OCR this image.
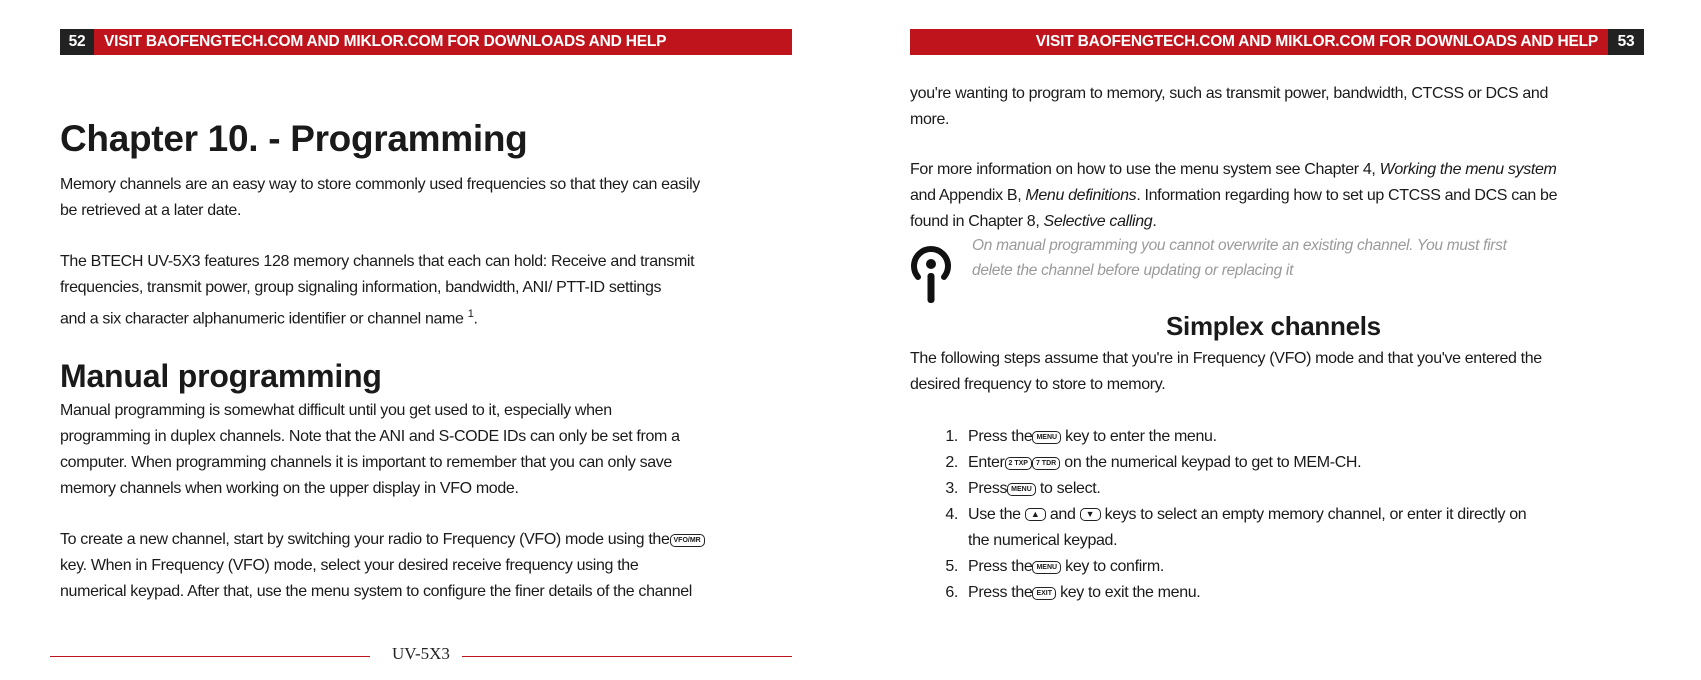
52	VISIT BAOFENGTECH.COM AND MIKLOR.COM FOR DOWNLOADS AND HELP	VISIT BAOFENGTECH.COM AND MIKLOR.COM FOR DOWNLOADS AND HELP	53
Chapter 10. - Programming

Memory channels are an easy way to store commonly used frequencies so that they can easily

be retrieved at a later date.

The BTECH UV-5X3 features 128 memory channels that each can hold: Receive and transmit

frequencies, transmit power, group signaling information, bandwidth, ANI/ PTT-ID settings

and a six character alphanumeric identifier or channel name $^1$.

Manual programming

Manual programming is somewhat difficult until you get used to it, especially when

programming in duplex channels. Note that the ANI and S-CODE IDs can only be set from a

computer. When programming channels it is important to remember that you can only save

memory channels when working on the upper display in VFO mode.

To create a new channel, start by switching your radio to Frequency (VFO) mode using the VFO/MR

key. When in Frequency (VFO) mode, select your desired receive frequency using the

numerical keypad. After that, use the menu system to configure the finer details of the channel

UV-5X3

you're wanting to program to memory, such as transmit power, bandwidth, CTCSS or DCS and

more.

For more information on how to use the menu system see Chapter 4, Working the menu system

and Appendix B, Menu definitions. Information regarding how to set up CTCSS and DCS can be

found in Chapter 8, Selective calling.

On manual programming you cannot overwrite an existing channel. You must first
delete the channel before updating or replacing it
Simplex channels

The following steps assume that you're in Frequency (VFO) mode and that you've entered the

desired frequency to store to memory.

1. Press the MENU key to enter the menu.
2. Enter 2 TXP 7 TDR on the numerical keypad to get to MEM-CH.
3. Press MENU to select.
4. Use the ▲ and ▼ keys to select an empty memory channel, or enter it directly on
the numerical keypad.
5. Press the MENU key to confirm.
6. Press the EXIT key to exit the menu.
